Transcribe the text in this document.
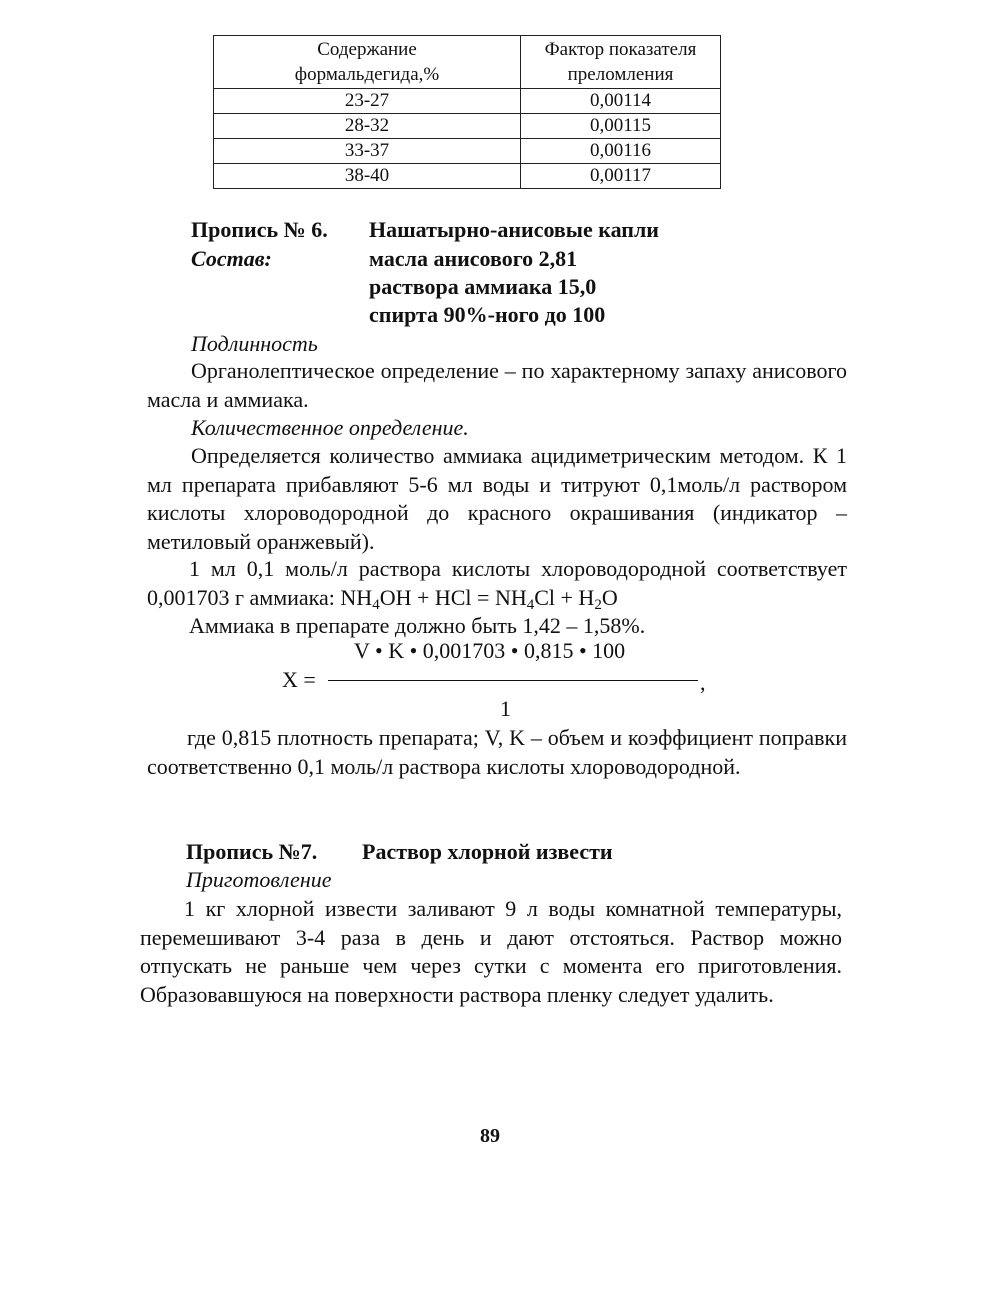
Содержание формальдегида,%	Фактор показателя преломления
23-27	0,00114
28-32	0,00115
33-37	0,00116
38-40	0,00117
Пропись № 6. Нашатырно-анисовые капли
Состав:	масла анисового 2,81
раствора аммиака 15,0
спирта 90%-ного до 100
Подлинность
Органолептическое определение – по характерному запаху анисового масла и аммиака.
Количественное определение.
Определяется количество аммиака ацидиметрическим методом. К 1 мл препарата прибавляют 5-6 мл воды и титруют 0,1моль/л раствором кислоты хлороводородной до красного окрашивания (индикатор – метиловый оранжевый).
1 мл 0,1 моль/л раствора кислоты хлороводородной соответствует 0,001703 г аммиака: $NH_4OH$ + HCl = $NH_4Cl + H_2O$
Аммиака в препарате должно быть 1,42 – 1,58%.
V • K • 0,001703 • 0,815 • 100
X =	,
1
где 0,815 плотность препарата; V, K – объем и коэффициент поправки соответственно 0,1 моль/л раствора кислоты хлороводородной.
Пропись №7. Раствор хлорной извести
Приготовление
1 кг хлорной извести заливают 9 л воды комнатной температуры, перемешивают 3-4 раза в день и дают отстояться. Раствор можно отпускать не раньше чем через сутки с момента его приготовления. Образовавшуюся на поверхности раствора пленку следует удалить.
89
